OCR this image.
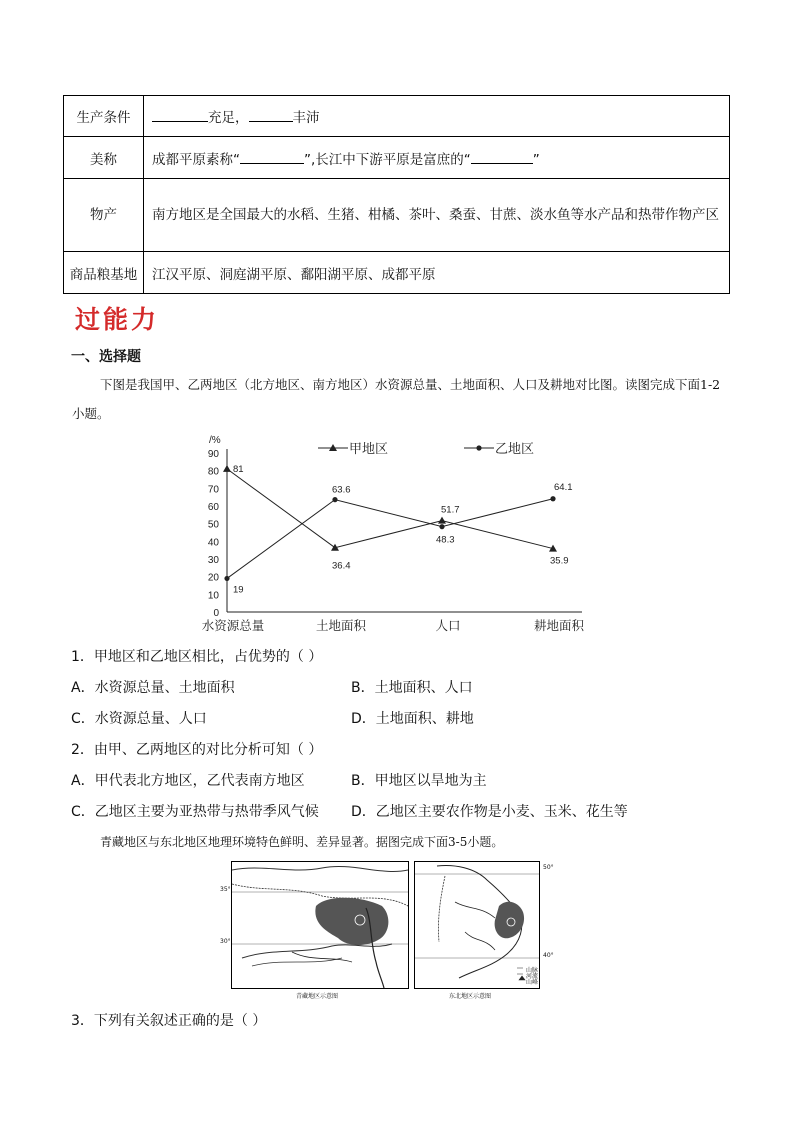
生产条件	充足， 丰沛
美称	成都平原素称“ ”,长江中下游平原是富庶的“ ”
物产	南方地区是全国最大的水稻、生猪、柑橘、茶叶、桑蚕、甘蔗、淡水鱼等水产品和热带作物产区
商品粮基地	江汉平原、洞庭湖平原、鄱阳湖平原、成都平原
过能力
一、选择题
下图是我国甲、乙两地区（北方地区、南方地区）水资源总量、土地面积、人口及耕地对比图。读图完成下面1-2小题。
/%
0
10
20
30
40
50
60
70
80
90
水资源总量	土地面积	人口	耕地面积
81
36.4
51.7
35.9
19
63.6
48.3
64.1
甲地区	乙地区
1．甲地区和乙地区相比，占优势的（ ）
A．水资源总量、土地面积	B．土地面积、人口
C．水资源总量、人口	D．土地面积、耕地
2．由甲、乙两地区的对比分析可知（ ）
A．甲代表北方地区，乙代表南方地区	B．甲地区以旱地为主
C．乙地区主要为亚热带与热带季风气候 D．乙地区主要农作物是小麦、玉米、花生等
青藏地区与东北地区地理环境特色鲜明、差异显著。据图完成下面3-5小题。
35°
30°
青藏地区示意图
50°
40°
山脉
河流
山峰
东北地区示意图
3．下列有关叙述正确的是（ ）
